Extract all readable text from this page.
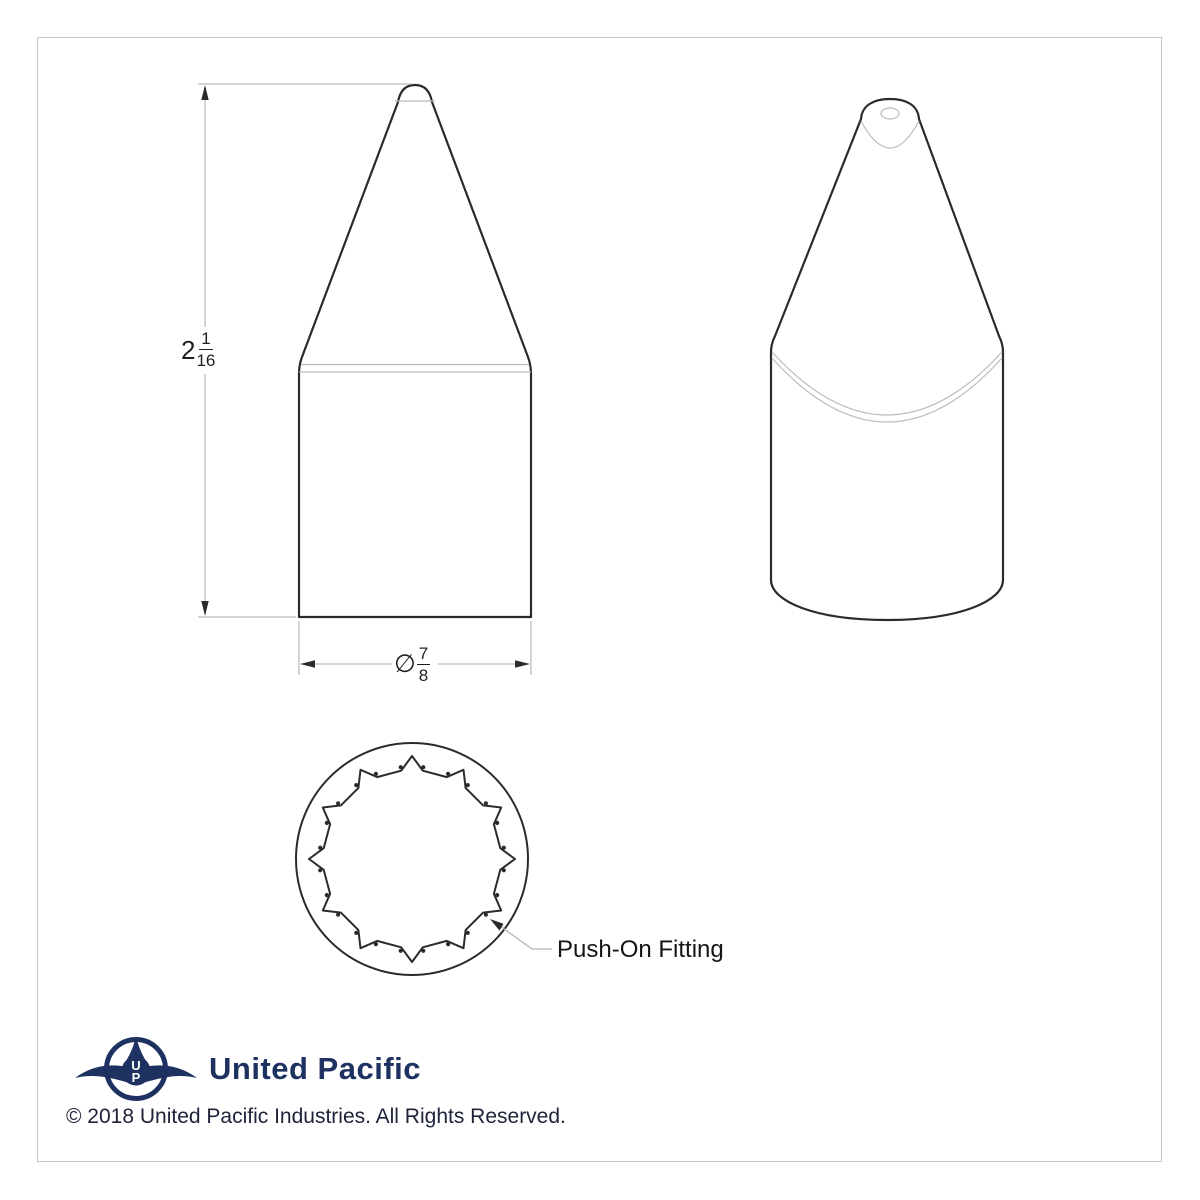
$2 \frac{1}{16}$
∅ $\frac{7}{8}$
Push-On Fitting
U
P United Pacific
© 2018 United Pacific Industries. All Rights Reserved.
